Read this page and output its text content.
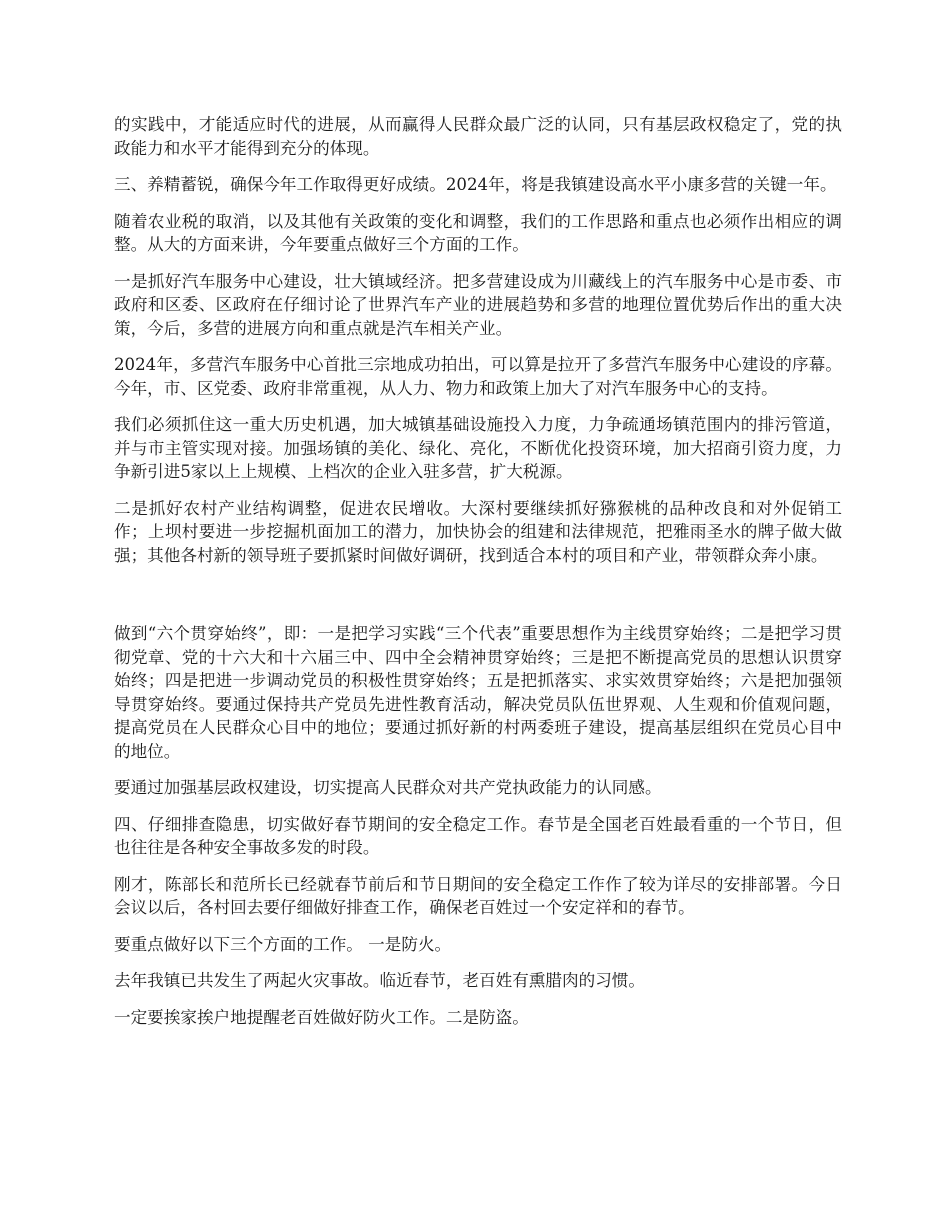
的实践中，才能适应时代的进展，从而赢得人民群众最广泛的认同，只有基层政权稳定了，党的执政能力和水平才能得到充分的体现。

三、养精蓄锐，确保今年工作取得更好成绩。2024年，将是我镇建设高水平小康多营的关键一年。

随着农业税的取消，以及其他有关政策的变化和调整，我们的工作思路和重点也必须作出相应的调整。从大的方面来讲，今年要重点做好三个方面的工作。

一是抓好汽车服务中心建设，壮大镇域经济。把多营建设成为川藏线上的汽车服务中心是市委、市政府和区委、区政府在仔细讨论了世界汽车产业的进展趋势和多营的地理位置优势后作出的重大决策，今后，多营的进展方向和重点就是汽车相关产业。

2024年，多营汽车服务中心首批三宗地成功拍出，可以算是拉开了多营汽车服务中心建设的序幕。今年，市、区党委、政府非常重视，从人力、物力和政策上加大了对汽车服务中心的支持。

我们必须抓住这一重大历史机遇，加大城镇基础设施投入力度，力争疏通场镇范围内的排污管道，并与市主管实现对接。加强场镇的美化、绿化、亮化，不断优化投资环境，加大招商引资力度，力争新引进5家以上上规模、上档次的企业入驻多营，扩大税源。

二是抓好农村产业结构调整，促进农民增收。大深村要继续抓好猕猴桃的品种改良和对外促销工作；上坝村要进一步挖掘机面加工的潜力，加快协会的组建和法律规范，把雅雨圣水的牌子做大做强；其他各村新的领导班子要抓紧时间做好调研，找到适合本村的项目和产业，带领群众奔小康。

做到“六个贯穿始终”，即：一是把学习实践“三个代表”重要思想作为主线贯穿始终；二是把学习贯彻党章、党的十六大和十六届三中、四中全会精神贯穿始终；三是把不断提高党员的思想认识贯穿始终；四是把进一步调动党员的积极性贯穿始终；五是把抓落实、求实效贯穿始终；六是把加强领导贯穿始终。要通过保持共产党员先进性教育活动，解决党员队伍世界观、人生观和价值观问题，提高党员在人民群众心目中的地位；要通过抓好新的村两委班子建设，提高基层组织在党员心目中的地位。

要通过加强基层政权建设，切实提高人民群众对共产党执政能力的认同感。

四、仔细排查隐患，切实做好春节期间的安全稳定工作。春节是全国老百姓最看重的一个节日，但也往往是各种安全事故多发的时段。

刚才，陈部长和范所长已经就春节前后和节日期间的安全稳定工作作了较为详尽的安排部署。今日会议以后，各村回去要仔细做好排查工作，确保老百姓过一个安定祥和的春节。

要重点做好以下三个方面的工作。 一是防火。

去年我镇已共发生了两起火灾事故。临近春节，老百姓有熏腊肉的习惯。

一定要挨家挨户地提醒老百姓做好防火工作。二是防盗。
